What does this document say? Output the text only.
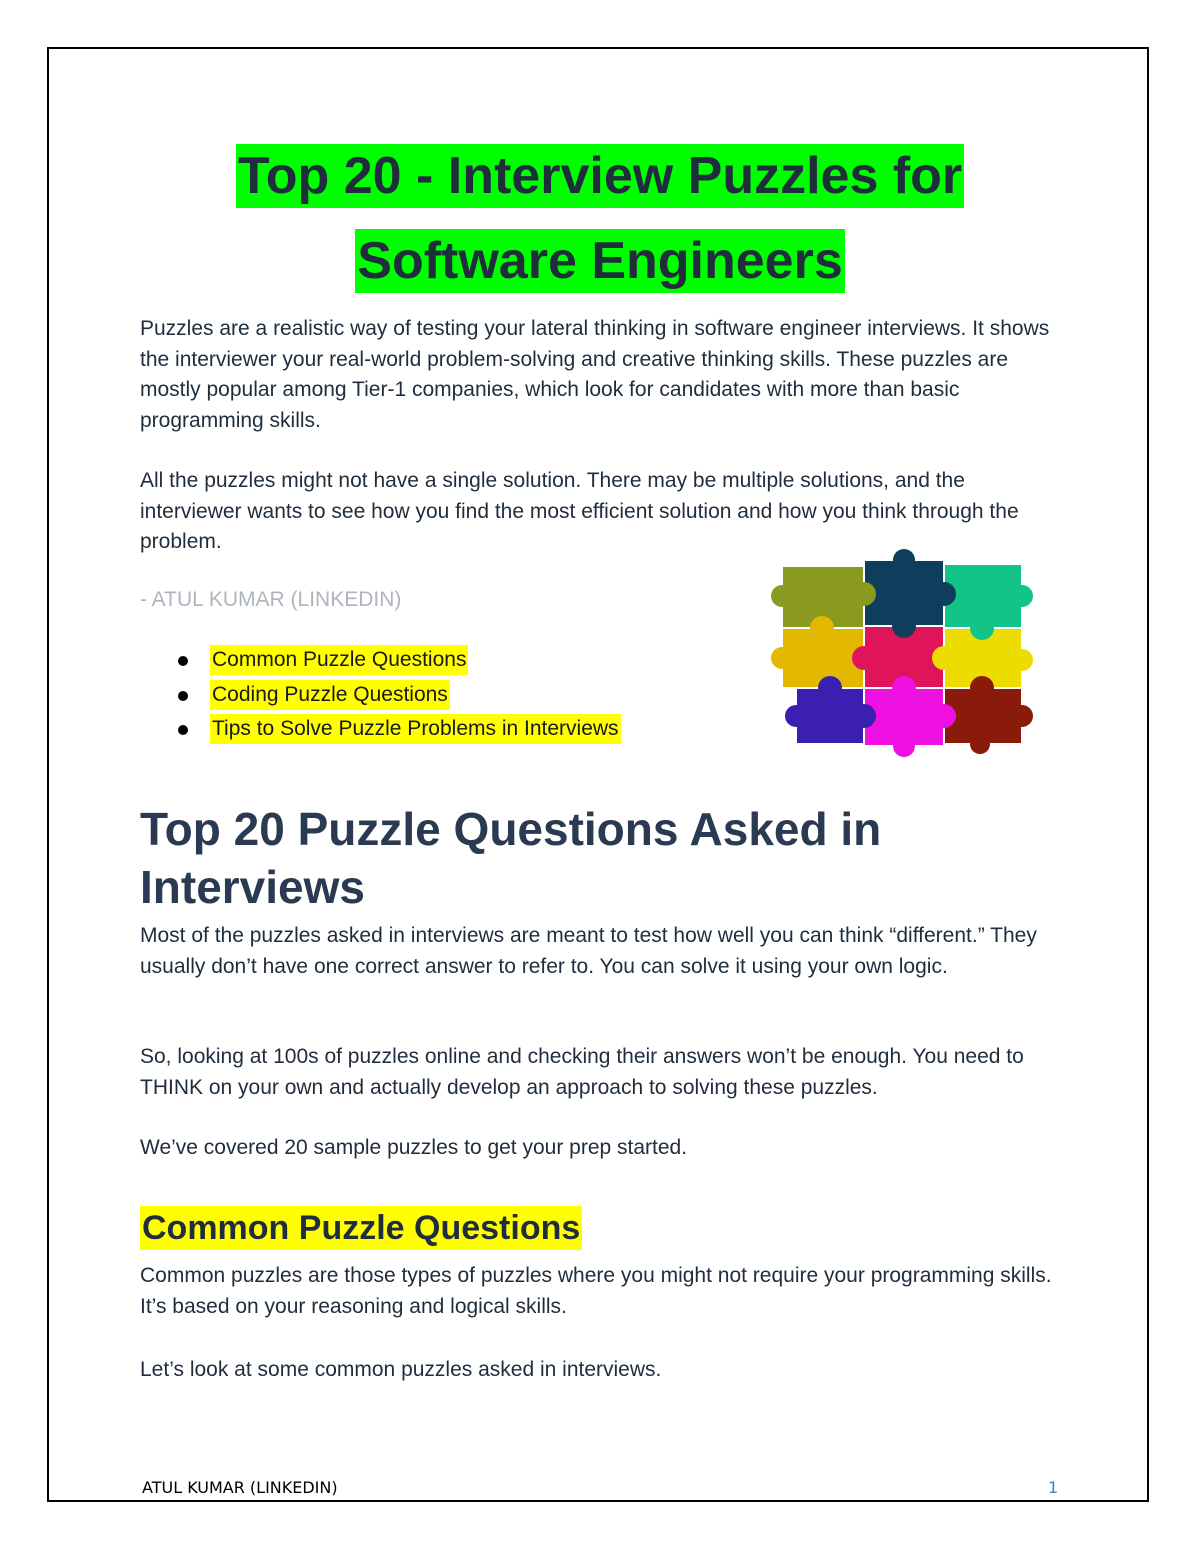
Top 20 - Interview Puzzles for
Software Engineers

Puzzles are a realistic way of testing your lateral thinking in software engineer interviews. It shows the interviewer your real-world problem-solving and creative thinking skills. These puzzles are mostly popular among Tier-1 companies, which look for candidates with more than basic programming skills.

All the puzzles might not have a single solution. There may be multiple solutions, and the interviewer wants to see how you find the most efficient solution and how you think through the problem.

- ATUL KUMAR (LINKEDIN)

Common Puzzle Questions
Coding Puzzle Questions
Tips to Solve Puzzle Problems in Interviews
Top 20 Puzzle Questions Asked in Interviews

Most of the puzzles asked in interviews are meant to test how well you can think “different.” They usually don’t have one correct answer to refer to. You can solve it using your own logic.

So, looking at 100s of puzzles online and checking their answers won’t be enough. You need to THINK on your own and actually develop an approach to solving these puzzles.

We’ve covered 20 sample puzzles to get your prep started.

Common Puzzle Questions

Common puzzles are those types of puzzles where you might not require your programming skills. It’s based on your reasoning and logical skills.

Let’s look at some common puzzles asked in interviews.

ATUL KUMAR (LINKEDIN)	1
